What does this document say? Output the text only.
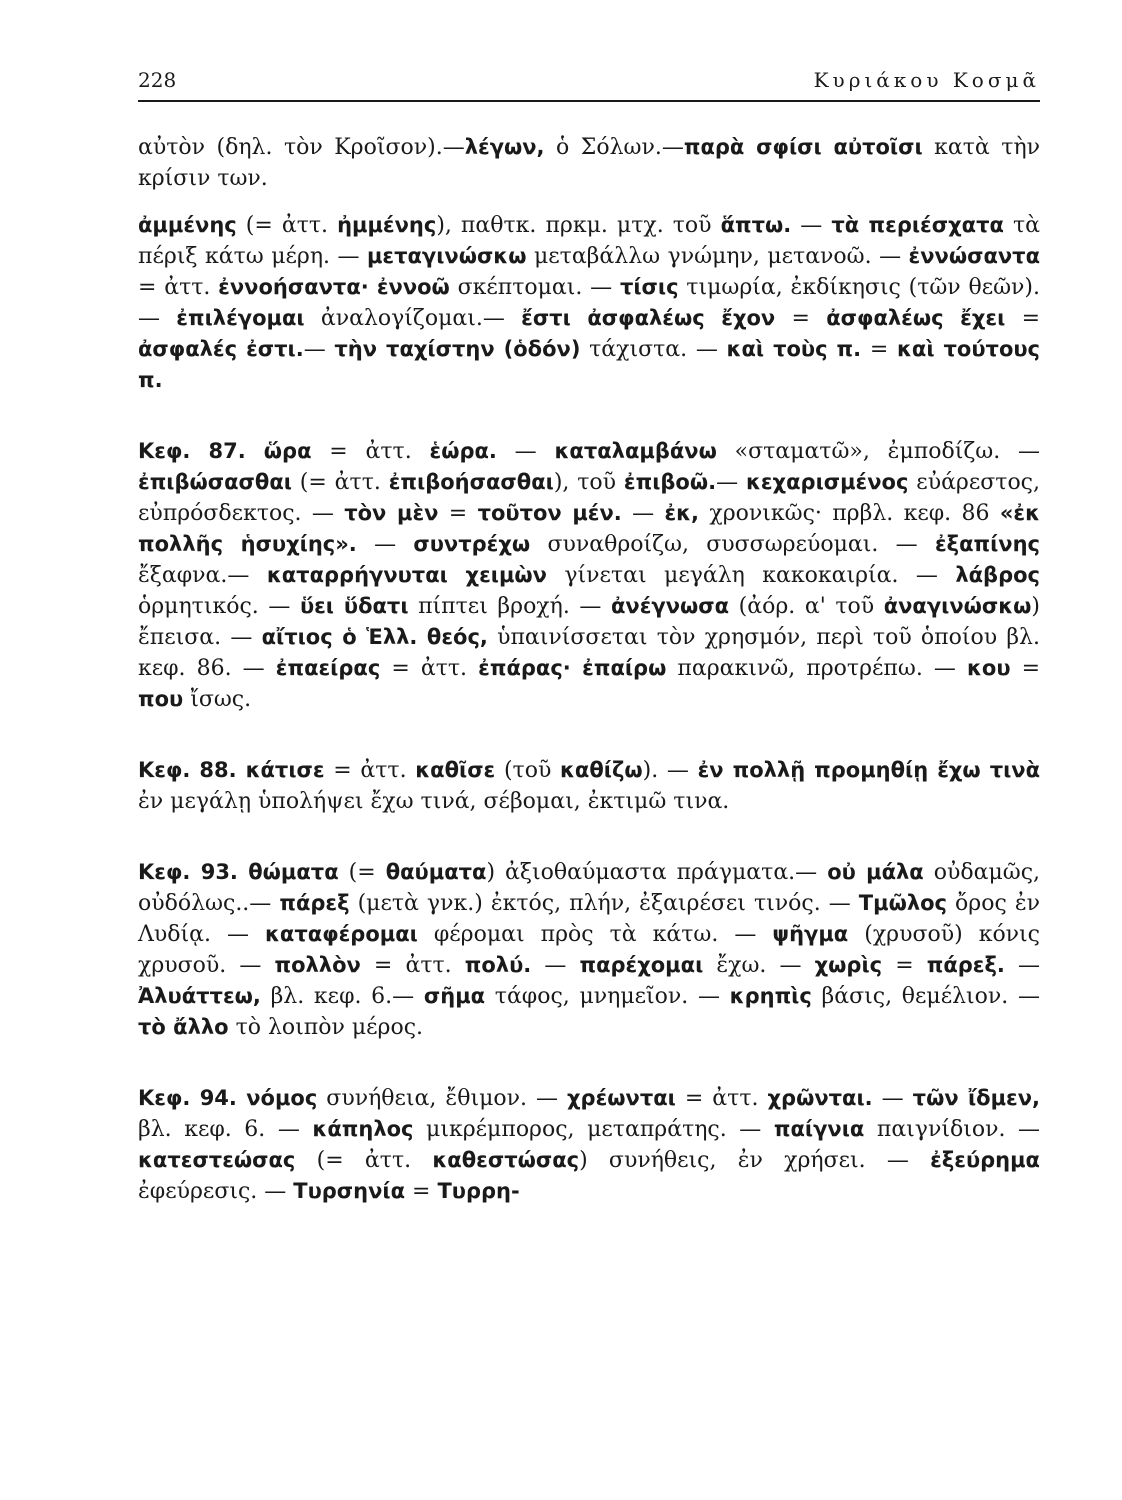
228	Κυριάκου Κοσμᾶ

αὐτὸν (δηλ. τὸν Κροῖσον).—λέγων, ὁ Σόλων.—παρὰ σφίσι αὐτοῖσι κατὰ τὴν κρίσιν των.

ἀμμένης (= ἀττ. ἠμμένης), παθτκ. πρκμ. μτχ. τοῦ ἅπτω. — τὰ περιέσχατα τὰ πέριξ κάτω μέρη. — μεταγινώσκω μεταβάλλω γνώμην, μετανοῶ. — ἐννώσαντα = ἀττ. ἐννοήσαντα· ἐννοῶ σκέπτομαι. — τίσις τιμωρία, ἐκδίκησις (τῶν θεῶν). — ἐπιλέγομαι ἀναλογίζομαι.— ἔστι ἀσφαλέως ἔχον = ἀσφαλέως ἔχει = ἀσφαλές ἐστι.— τὴν ταχίστην (ὁδόν) τάχιστα. — καὶ τοὺς π. = καὶ τούτους π.

Κεφ. 87. ὥρα = ἀττ. ἑώρα. — καταλαμβάνω «σταματῶ», ἐμποδίζω. — ἐπιβώσασθαι (= ἀττ. ἐπιβοήσασθαι), τοῦ ἐπιβοῶ.— κεχαρισμένος εὐάρεστος, εὐπρόσδεκτος. — τὸν μὲν = τοῦτον μέν. — ἐκ, χρονικῶς· πρβλ. κεφ. 86 «ἐκ πολλῆς ἡσυχίης». — συντρέχω συναθροίζω, συσσωρεύομαι. — ἐξαπίνης ἔξαφνα.— καταρρήγνυται χειμὼν γίνεται μεγάλη κακοκαιρία. — λάβρος ὁρμητικός. — ὕει ὕδατι πίπτει βροχή. — ἀνέγνωσα (ἀόρ. α' τοῦ ἀναγινώσκω) ἔπεισα. — αἴτιος ὁ Ἑλλ. θεός, ὑπαινίσσεται τὸν χρησμόν, περὶ τοῦ ὁποίου βλ. κεφ. 86. — ἐπαείρας = ἀττ. ἐπάρας· ἐπαίρω παρακινῶ, προτρέπω. — κου = που ἴσως.

Κεφ. 88. κάτισε = ἀττ. καθῖσε (τοῦ καθίζω). — ἐν πολλῇ προμηθίῃ ἔχω τινὰ ἐν μεγάλῃ ὑπολήψει ἔχω τινά, σέβομαι, ἐκτιμῶ τινα.

Κεφ. 93. θώματα (= θαύματα) ἀξιοθαύμαστα πράγματα.— οὐ μάλα οὐδαμῶς, οὐδόλως..— πάρεξ (μετὰ γνκ.) ἐκτός, πλήν, ἐξαιρέσει τινός. — Τμῶλος ὄρος ἐν Λυδίᾳ. — καταφέρομαι φέρομαι πρὸς τὰ κάτω. — ψῆγμα (χρυσοῦ) κόνις χρυσοῦ. — πολλὸν = ἀττ. πολύ. — παρέχομαι ἔχω. — χωρὶς = πάρεξ. — Ἀλυάττεω, βλ. κεφ. 6.— σῆμα τάφος, μνημεῖον. — κρηπὶς βάσις, θεμέλιον. — τὸ ἄλλο τὸ λοιπὸν μέρος.

Κεφ. 94. νόμος συνήθεια, ἔθιμον. — χρέωνται = ἀττ. χρῶνται. — τῶν ἴδμεν, βλ. κεφ. 6. — κάπηλος μικρέμπορος, μεταπράτης. — παίγνια παιγνίδιον. — κατεστεώσας (= ἀττ. καθεστώσας) συνήθεις, ἐν χρήσει. — ἐξεύρημα ἐφεύρεσις. — Τυρσηνία = Τυρρη-
